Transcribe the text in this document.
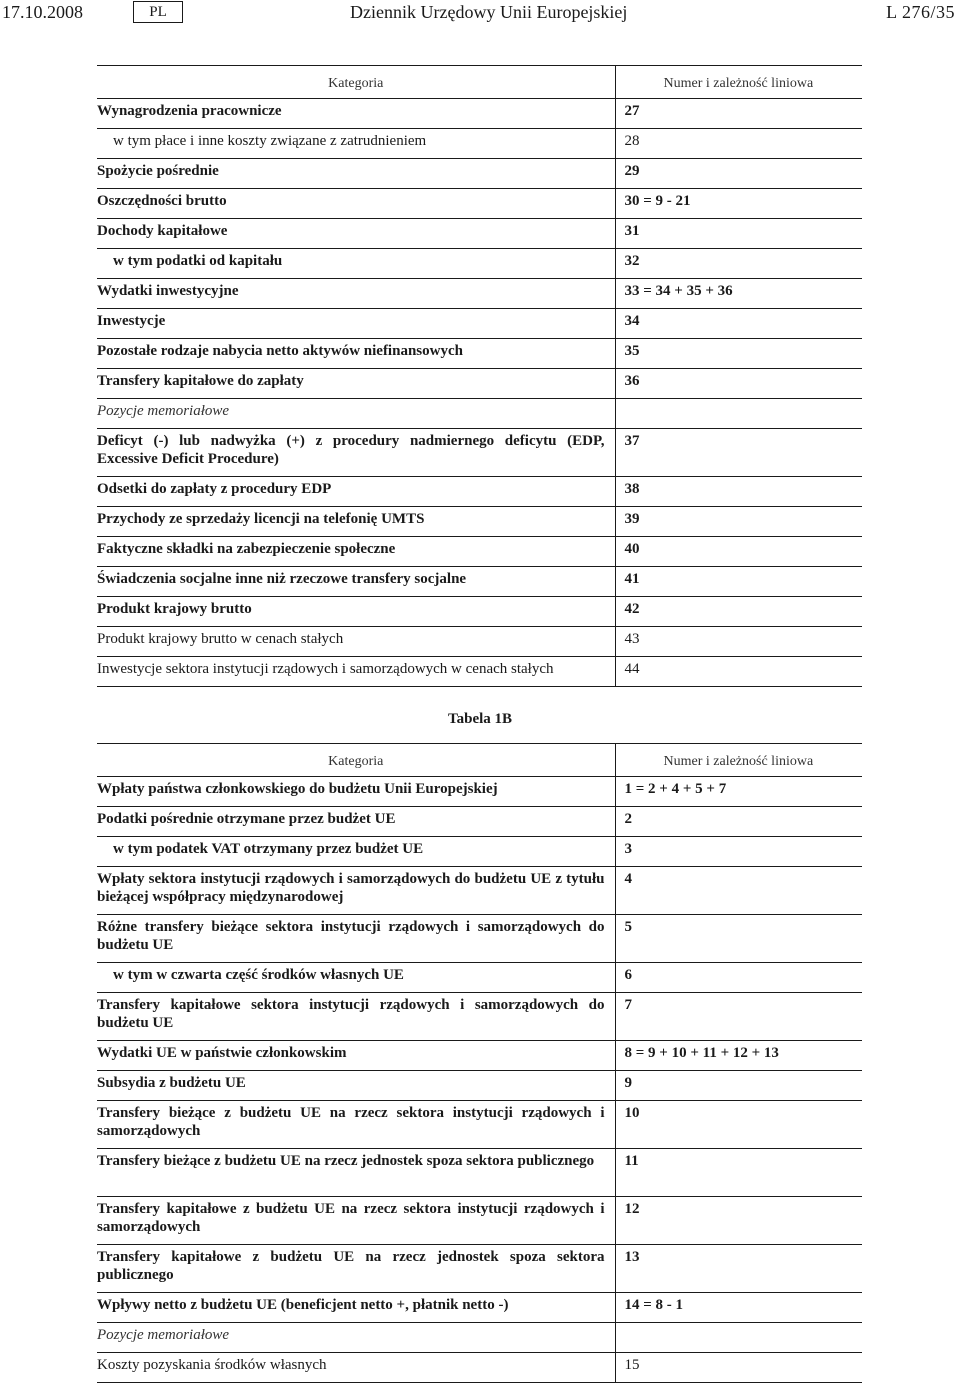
17.10.2008	PL	Dziennik Urzędowy Unii Europejskiej	L 276/35
Kategoria	Numer i zależność liniowa
Wynagrodzenia pracownicze	27
w tym płace i inne koszty związane z zatrudnieniem	28
Spożycie pośrednie	29
Oszczędności brutto	30 = 9 - 21
Dochody kapitałowe	31
w tym podatki od kapitału	32
Wydatki inwestycyjne	33 = 34 + 35 + 36
Inwestycje	34
Pozostałe rodzaje nabycia netto aktywów niefinansowych	35
Transfery kapitałowe do zapłaty	36
Pozycje memoriałowe	
Deficyt (-) lub nadwyżka (+) z procedury nadmiernego deficytu (EDP, Excessive Deficit Procedure)	37
Odsetki do zapłaty z procedury EDP	38
Przychody ze sprzedaży licencji na telefonię UMTS	39
Faktyczne składki na zabezpieczenie społeczne	40
Świadczenia socjalne inne niż rzeczowe transfery socjalne	41
Produkt krajowy brutto	42
Produkt krajowy brutto w cenach stałych	43
Inwestycje sektora instytucji rządowych i samorządowych w cenach stałych	44
Tabela 1B
Kategoria	Numer i zależność liniowa
Wpłaty państwa członkowskiego do budżetu Unii Europejskiej	1 = 2 + 4 + 5 + 7
Podatki pośrednie otrzymane przez budżet UE	2
w tym podatek VAT otrzymany przez budżet UE	3
Wpłaty sektora instytucji rządowych i samorządowych do budżetu UE z tytułu bieżącej współpracy międzynarodowej	4
Różne transfery bieżące sektora instytucji rządowych i samorządowych do budżetu UE	5
w tym w czwarta część środków własnych UE	6
Transfery kapitałowe sektora instytucji rządowych i samorządowych do budżetu UE	7
Wydatki UE w państwie członkowskim	8 = 9 + 10 + 11 + 12 + 13
Subsydia z budżetu UE	9
Transfery bieżące z budżetu UE na rzecz sektora instytucji rządowych i samorządowych	10
Transfery bieżące z budżetu UE na rzecz jednostek spoza sektora publicznego	11
Transfery kapitałowe z budżetu UE na rzecz sektora instytucji rządowych i samorządowych	12
Transfery kapitałowe z budżetu UE na rzecz jednostek spoza sektora publicznego	13
Wpływy netto z budżetu UE (beneficjent netto +, płatnik netto -)	14 = 8 - 1
Pozycje memoriałowe	
Koszty pozyskania środków własnych	15
